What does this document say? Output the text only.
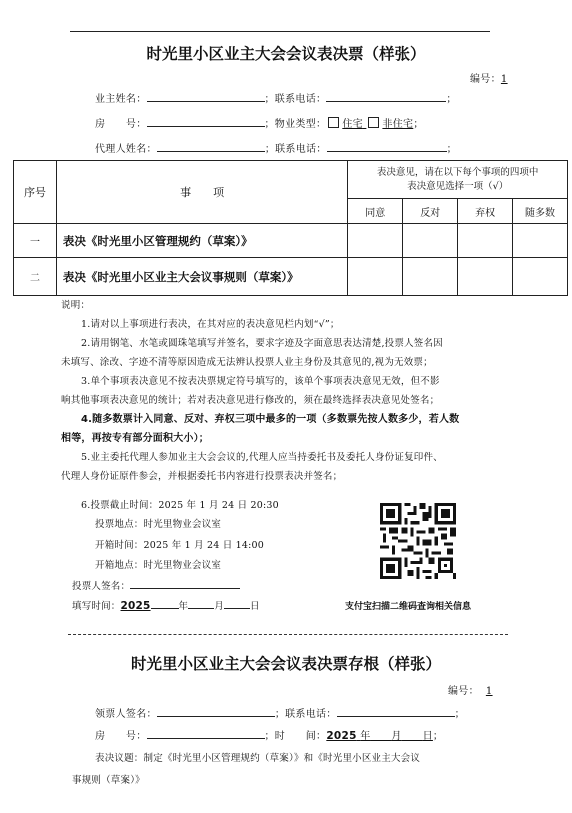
时光里小区业主大会会议表决票（样张）
编号：1
业主姓名：	；联系电话：	；
房　　号：	；物业类型： 住宅 非住宅；
代理人姓名：	；联系电话：	；
序号	事　　项	表决意见，请在以下每个事项的四项中
表决意见选择一项（√）			

		同意	反对	弃权	随多数
一	表决《时光里小区管理规约（草案）》				
二	表决《时光里小区业主大会议事规则（草案）》				
说明：
1.请对以上事项进行表决，在其对应的表决意见栏内划“√”；
2.请用钢笔、水笔或圆珠笔填写并签名，要求字迹及字面意思表达清楚,投票人签名因
未填写、涂改、字迹不清等原因造成无法辨认投票人业主身份及其意见的,视为无效票；
3.单个事项表决意见不按表决票规定符号填写的，该单个事项表决意见无效，但不影
响其他事项表决意见的统计；若对表决意见进行修改的，须在最终选择表决意见处签名；
4.随多数票计入同意、反对、弃权三项中最多的一项（多数票先按人数多少，若人数
相等，再按专有部分面积大小）；
5.业主委托代理人参加业主大会会议的,代理人应当持委托书及委托人身份证复印件、
代理人身份证原件参会，并根据委托书内容进行投票表决并签名；
6.投票截止时间：2025 年 1 月 24 日 20:30
投票地点：时光里物业会议室
开箱时间：2025 年 1 月 24 日 14:00
开箱地点：时光里物业会议室
投票人签名：
填写时间：2025	年	月	日	支付宝扫描二维码查询相关信息
时光里小区业主大会会议表决票存根（样张）
编号： 1
领票人签名：	；联系电话：	；
房　　号：	；时　　间：2025 年 月 日；
表决议题：制定《时光里小区管理规约（草案）》和《时光里小区业主大会议
事规则（草案）》
